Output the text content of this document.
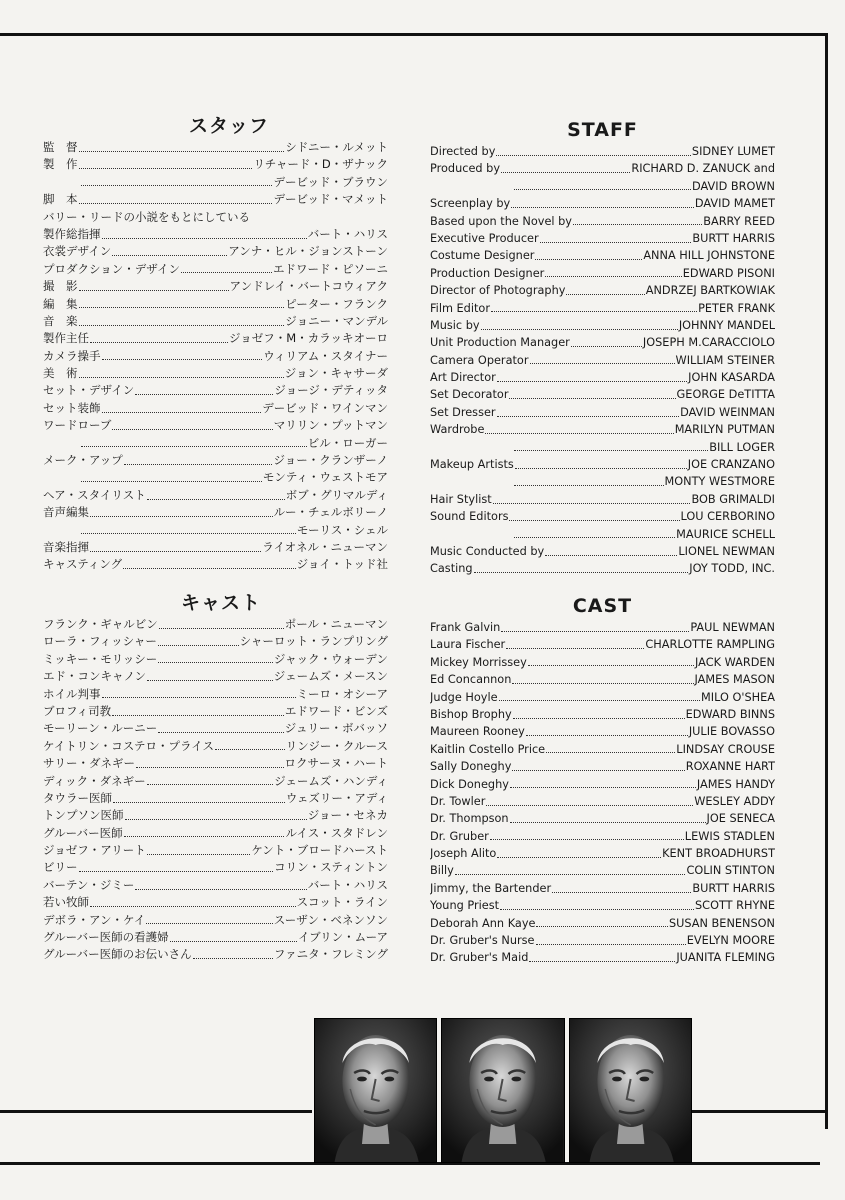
スタッフ
監　督	シドニー・ルメット
製　作	リチャード・D・ザナック
デービッド・ブラウン
脚　本	デービッド・マメット
バリー・リードの小説をもとにしている
製作総指揮	バート・ハリス
衣裳デザイン	アンナ・ヒル・ジョンストーン
プロダクション・デザイン	エドワード・ピソーニ
撮　影	アンドレイ・バートコウィアク
編　集	ピーター・フランク
音　楽	ジョニー・マンデル
製作主任	ジョゼフ・M・カラッキオーロ
カメラ操手	ウィリアム・スタイナー
美　術	ジョン・キャサーダ
セット・デザイン	ジョージ・デティッタ
セット装飾	デービッド・ワインマン
ワードローブ	マリリン・プットマン
ビル・ローガー
メーク・アップ	ジョー・クランザーノ
モンティ・ウェストモア
ヘア・スタイリスト	ボブ・グリマルディ
音声編集	ルー・チェルボリーノ
モーリス・シェル
音楽指揮	ライオネル・ニューマン
キャスティング	ジョイ・トッド社
STAFF
Directed by	SIDNEY LUMET
Produced by	RICHARD D. ZANUCK and
DAVID BROWN
Screenplay by	DAVID MAMET
Based upon the Novel by	BARRY REED
Executive Producer	BURTT HARRIS
Costume Designer	ANNA HILL JOHNSTONE
Production Designer	EDWARD PISONI
Director of Photography	ANDRZEJ BARTKOWIAK
Film Editor	PETER FRANK
Music by	JOHNNY MANDEL
Unit Production Manager	JOSEPH M.CARACCIOLO
Camera Operator	WILLIAM STEINER
Art Director	JOHN KASARDA
Set Decorator	GEORGE DeTITTA
Set Dresser	DAVID WEINMAN
Wardrobe	MARILYN PUTMAN
BILL LOGER
Makeup Artists	JOE CRANZANO
MONTY WESTMORE
Hair Stylist	BOB GRIMALDI
Sound Editors	LOU CERBORINO
MAURICE SCHELL
Music Conducted by	LIONEL NEWMAN
Casting	JOY TODD, INC.
キャスト
フランク・ギャルビン	ポール・ニューマン
ローラ・フィッシャー	シャーロット・ランプリング
ミッキー・モリッシー	ジャック・ウォーデン
エド・コンキャノン	ジェームズ・メースン
ホイル判事	ミーロ・オシーア
ブロフィ司教	エドワード・ビンズ
モーリーン・ルーニー	ジュリー・ボバッソ
ケイトリン・コステロ・プライス	リンジー・クルース
サリー・ダネギー	ロクサーヌ・ハート
ディック・ダネギー	ジェームズ・ハンディ
タウラー医師	ウェズリー・アディ
トンプソン医師	ジョー・セネカ
グルーバー医師	ルイス・スタドレン
ジョゼフ・アリート	ケント・ブロードハースト
ビリー	コリン・スティントン
バーテン・ジミー	バート・ハリス
若い牧師	スコット・ライン
デボラ・アン・ケイ	スーザン・ベネンソン
グルーバー医師の看護婦	イブリン・ムーア
グルーバー医師のお伝いさん	ファニタ・フレミング
CAST
Frank Galvin	PAUL NEWMAN
Laura Fischer	CHARLOTTE RAMPLING
Mickey Morrissey	JACK WARDEN
Ed Concannon	JAMES MASON
Judge Hoyle	MILO O'SHEA
Bishop Brophy	EDWARD BINNS
Maureen Rooney	JULIE BOVASSO
Kaitlin Costello Price	LINDSAY CROUSE
Sally Doneghy	ROXANNE HART
Dick Doneghy	JAMES HANDY
Dr. Towler	WESLEY ADDY
Dr. Thompson	JOE SENECA
Dr. Gruber	LEWIS STADLEN
Joseph Alito	KENT BROADHURST
Billy	COLIN STINTON
Jimmy, the Bartender	BURTT HARRIS
Young Priest	SCOTT RHYNE
Deborah Ann Kaye	SUSAN BENENSON
Dr. Gruber's Nurse	EVELYN MOORE
Dr. Gruber's Maid	JUANITA FLEMING
